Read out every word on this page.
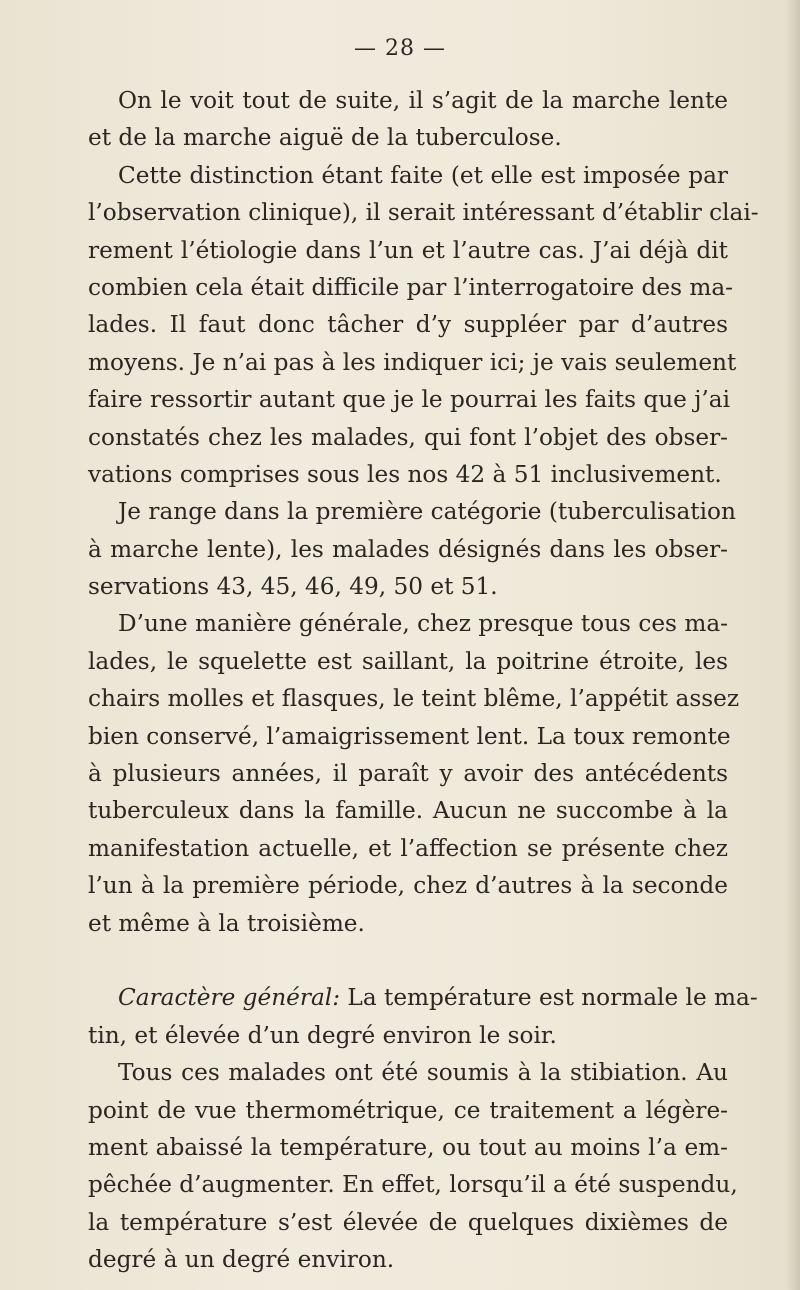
— 28 —
On le voit tout de suite, il s’agit de la marche lente
et de la marche aiguë de la tuberculose.
Cette distinction étant faite (et elle est imposée par
l’observation clinique), il serait intéressant d’établir clai-
rement l’étiologie dans l’un et l’autre cas. J’ai déjà dit
combien cela était difficile par l’interrogatoire des ma-
lades. Il faut donc tâcher d’y suppléer par d’autres
moyens. Je n’ai pas à les indiquer ici; je vais seulement
faire ressortir autant que je le pourrai les faits que j’ai
constatés chez les malades, qui font l’objet des obser-
vations comprises sous les nos 42 à 51 inclusivement.
Je range dans la première catégorie (tuberculisation
à marche lente), les malades désignés dans les obser-
servations 43, 45, 46, 49, 50 et 51.
D’une manière générale, chez presque tous ces ma-
lades, le squelette est saillant, la poitrine étroite, les
chairs molles et flasques, le teint blême, l’appétit assez
bien conservé, l’amaigrissement lent. La toux remonte
à plusieurs années, il paraît y avoir des antécédents
tuberculeux dans la famille. Aucun ne succombe à la
manifestation actuelle, et l’affection se présente chez
l’un à la première période, chez d’autres à la seconde
et même à la troisième.
Caractère général: La température est normale le ma-
tin, et élevée d’un degré environ le soir.
Tous ces malades ont été soumis à la stibiation. Au
point de vue thermométrique, ce traitement a légère-
ment abaissé la température, ou tout au moins l’a em-
pêchée d’augmenter. En effet, lorsqu’il a été suspendu,
la température s’est élevée de quelques dixièmes de
degré à un degré environ.
